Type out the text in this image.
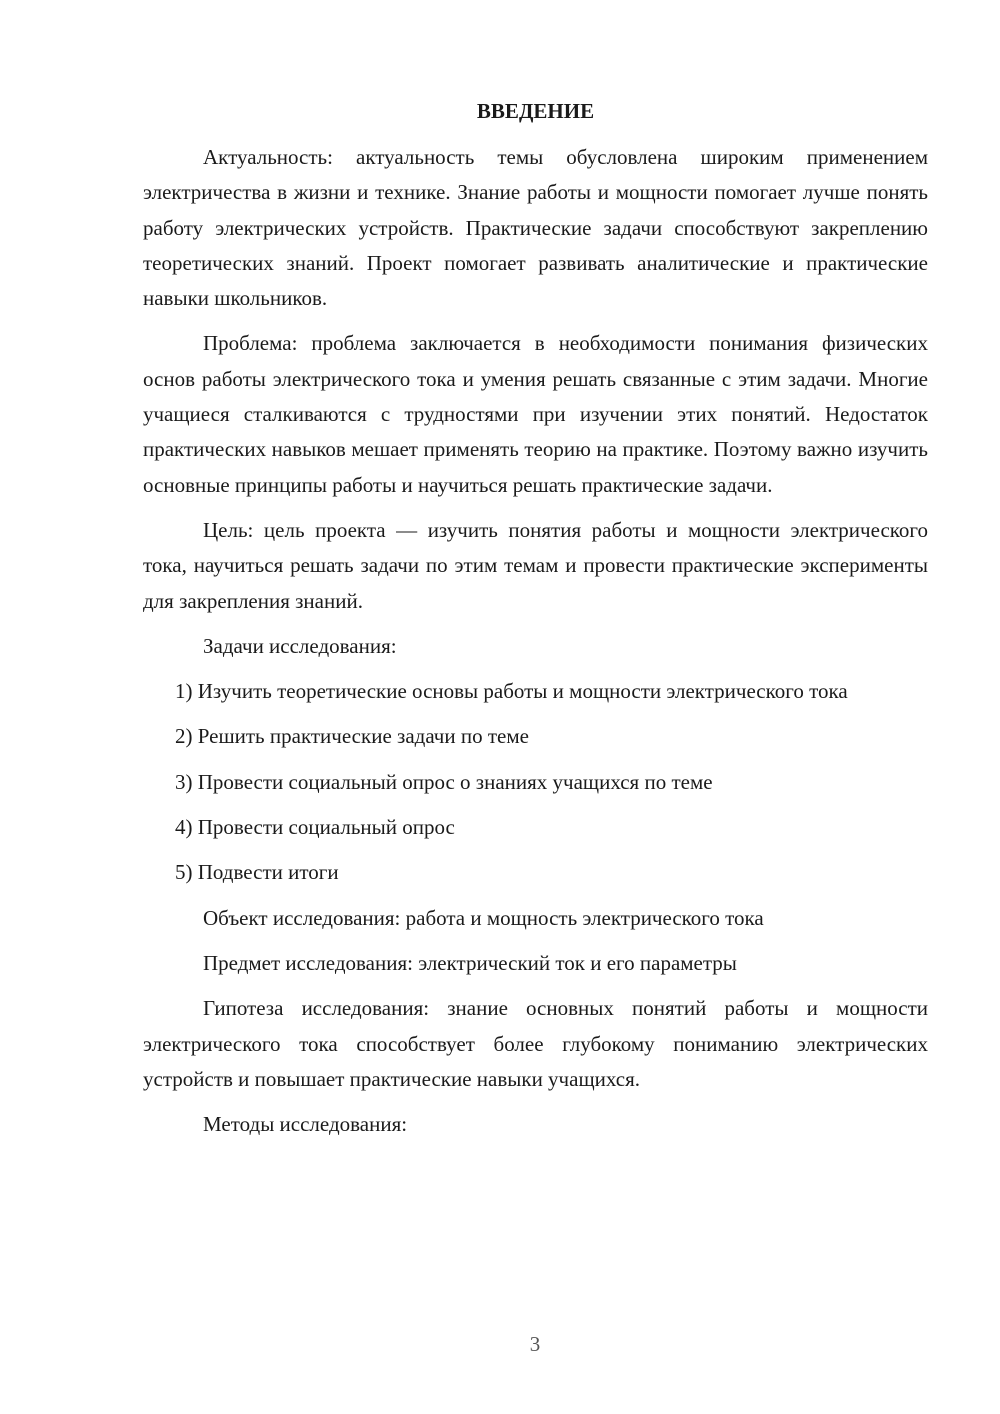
ВВЕДЕНИЕ

Актуальность: актуальность темы обусловлена широким применением электричества в жизни и технике. Знание работы и мощности помогает лучше понять работу электрических устройств. Практические задачи способствуют закреплению теоретических знаний. Проект помогает развивать аналитические и практические навыки школьников.

Проблема: проблема заключается в необходимости понимания физических основ работы электрического тока и умения решать связанные с этим задачи. Многие учащиеся сталкиваются с трудностями при изучении этих понятий. Недостаток практических навыков мешает применять теорию на практике. Поэтому важно изучить основные принципы работы и научиться решать практические задачи.

Цель: цель проекта — изучить понятия работы и мощности электрического тока, научиться решать задачи по этим темам и провести практические эксперименты для закрепления знаний.

Задачи исследования:

1) Изучить теоретические основы работы и мощности электрического тока

2) Решить практические задачи по теме

3) Провести социальный опрос о знаниях учащихся по теме

4) Провести социальный опрос

5) Подвести итоги

Объект исследования: работа и мощность электрического тока

Предмет исследования: электрический ток и его параметры

Гипотеза исследования: знание основных понятий работы и мощности электрического тока способствует более глубокому пониманию электрических устройств и повышает практические навыки учащихся.

Методы исследования:

3
